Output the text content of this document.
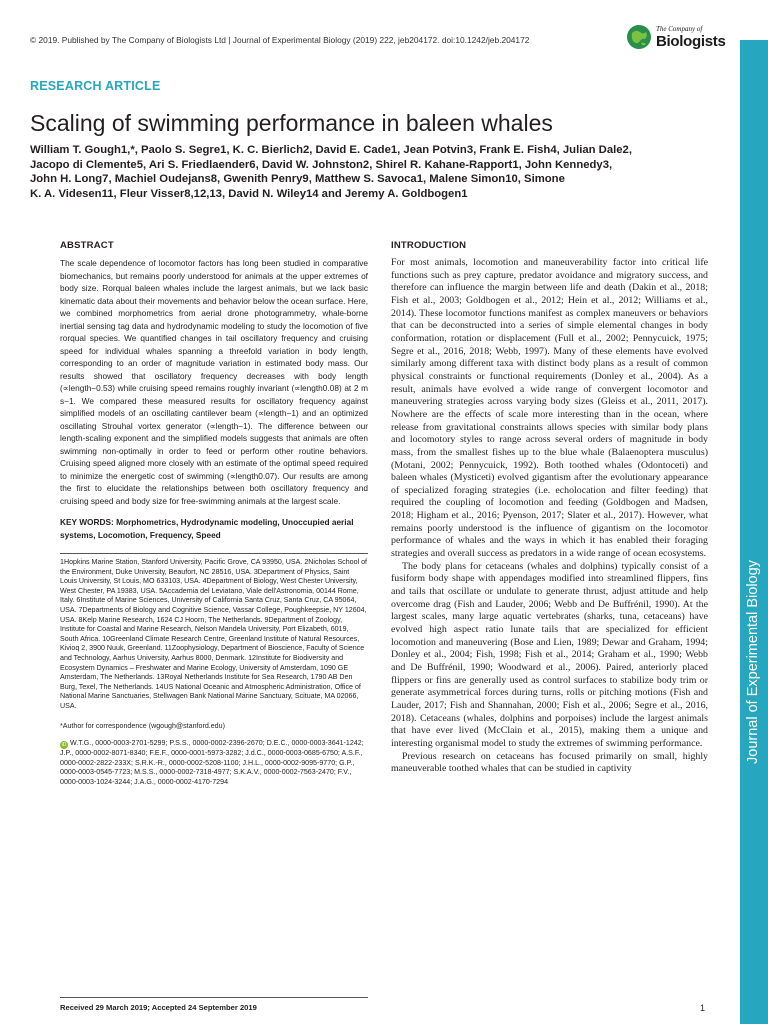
© 2019. Published by The Company of Biologists Ltd | Journal of Experimental Biology (2019) 222, jeb204172. doi:10.1242/jeb.204172
The Company of
Biologists
Journal of Experimental Biology
RESEARCH ARTICLE
Scaling of swimming performance in baleen whales
William T. Gough1,*, Paolo S. Segre1, K. C. Bierlich2, David E. Cade1, Jean Potvin3, Frank E. Fish4, Julian Dale2,
Jacopo di Clemente5, Ari S. Friedlaender6, David W. Johnston2, Shirel R. Kahane-Rapport1, John Kennedy3,
John H. Long7, Machiel Oudejans8, Gwenith Penry9, Matthew S. Savoca1, Malene Simon10, Simone
K. A. Videsen11, Fleur Visser8,12,13, David N. Wiley14 and Jeremy A. Goldbogen1
ABSTRACT

The scale dependence of locomotor factors has long been studied in comparative biomechanics, but remains poorly understood for animals at the upper extremes of body size. Rorqual baleen whales include the largest animals, but we lack basic kinematic data about their movements and behavior below the ocean surface. Here, we combined morphometrics from aerial drone photogrammetry, whale-borne inertial sensing tag data and hydrodynamic modeling to study the locomotion of five rorqual species. We quantified changes in tail oscillatory frequency and cruising speed for individual whales spanning a threefold variation in body length, corresponding to an order of magnitude variation in estimated body mass. Our results showed that oscillatory frequency decreases with body length (∝length−0.53) while cruising speed remains roughly invariant (∝length0.08) at 2 m s−1. We compared these measured results for oscillatory frequency against simplified models of an oscillating cantilever beam (∝length−1) and an optimized oscillating Strouhal vortex generator (∝length−1). The difference between our length-scaling exponent and the simplified models suggests that animals are often swimming non-optimally in order to feed or perform other routine behaviors. Cruising speed aligned more closely with an estimate of the optimal speed required to minimize the energetic cost of swimming (∝length0.07). Our results are among the first to elucidate the relationships between both oscillatory frequency and cruising speed and body size for free-swimming animals at the largest scale.

KEY WORDS: Morphometrics, Hydrodynamic modeling, Unoccupied aerial systems, Locomotion, Frequency, Speed

1Hopkins Marine Station, Stanford University, Pacific Grove, CA 93950, USA. 2Nicholas School of the Environment, Duke University, Beaufort, NC 28516, USA. 3Department of Physics, Saint Louis University, St Louis, MO 633103, USA. 4Department of Biology, West Chester University, West Chester, PA 19383, USA. 5Accademia del Leviatano, Viale dell'Astronomia, 00144 Rome, Italy. 6Institute of Marine Sciences, University of California Santa Cruz, Santa Cruz, CA 95064, USA. 7Departments of Biology and Cognitive Science, Vassar College, Poughkeepsie, NY 12604, USA. 8Kelp Marine Research, 1624 CJ Hoorn, The Netherlands. 9Department of Zoology, Institute for Coastal and Marine Research, Nelson Mandela University, Port Elizabeth, 6019, South Africa. 10Greenland Climate Research Centre, Greenland Institute of Natural Resources, Kivioq 2, 3900 Nuuk, Greenland. 11Zoophysiology, Department of Bioscience, Faculty of Science and Technology, Aarhus University, Aarhus 8000, Denmark. 12Institute for Biodiversity and Ecosystem Dynamics – Freshwater and Marine Ecology, University of Amsterdam, 1090 GE Amsterdam, The Netherlands. 13Royal Netherlands Institute for Sea Research, 1790 AB Den Burg, Texel, The Netherlands. 14US National Oceanic and Atmospheric Administration, Office of National Marine Sanctuaries, Stellwagen Bank National Marine Sanctuary, Scituate, MA 02066, USA.

*Author for correspondence (wgough@stanford.edu)
iD W.T.G., 0000-0003-2701-5299; P.S.S., 0000-0002-2396-2670; D.E.C., 0000-0003-3641-1242; J.P., 0000-0002-8071-8340; F.E.F., 0000-0001-5973-3282; J.d.C., 0000-0003-0685-6750; A.S.F., 0000-0002-2822-233X; S.R.K.-R., 0000-0002-5208-1100; J.H.L., 0000-0002-9095-9770; G.P., 0000-0003-0545-7723; M.S.S., 0000-0002-7318-4977; S.K.A.V., 0000-0002-7563-2470; F.V., 0000-0003-1024-3244; J.A.G., 0000-0002-4170-7294
Received 29 March 2019; Accepted 24 September 2019
INTRODUCTION

For most animals, locomotion and maneuverability factor into critical life functions such as prey capture, predator avoidance and migratory success, and therefore can influence the margin between life and death (Dakin et al., 2018; Fish et al., 2003; Goldbogen et al., 2012; Hein et al., 2012; Williams et al., 2014). These locomotor functions manifest as complex maneuvers or behaviors that can be deconstructed into a series of simple elemental changes in body conformation, rotation or displacement (Full et al., 2002; Pennycuick, 1975; Segre et al., 2016, 2018; Webb, 1997). Many of these elements have evolved similarly among different taxa with distinct body plans as a result of common physical constraints or functional requirements (Donley et al., 2004). As a result, animals have evolved a wide range of convergent locomotor and maneuvering strategies across varying body sizes (Gleiss et al., 2011, 2017). Nowhere are the effects of scale more interesting than in the ocean, where release from gravitational constraints allows species with similar body plans and locomotory styles to range across several orders of magnitude in body mass, from the smallest fishes up to the blue whale (Balaenoptera musculus) (Motani, 2002; Pennycuick, 1992). Both toothed whales (Odontoceti) and baleen whales (Mysticeti) evolved gigantism after the evolutionary appearance of specialized foraging strategies (i.e. echolocation and filter feeding) that required the coupling of locomotion and feeding (Goldbogen and Madsen, 2018; Higham et al., 2016; Pyenson, 2017; Slater et al., 2017). However, what remains poorly understood is the influence of gigantism on the locomotor performance of whales and the ways in which it has enabled their foraging strategies and overall success as predators in a wide range of ocean ecosystems.

The body plans for cetaceans (whales and dolphins) typically consist of a fusiform body shape with appendages modified into streamlined flippers, fins and tails that oscillate or undulate to generate thrust, adjust attitude and help overcome drag (Fish and Lauder, 2006; Webb and De Buffrénil, 1990). At the largest scales, many large aquatic vertebrates (sharks, tuna, cetaceans) have evolved high aspect ratio lunate tails that are specialized for efficient locomotion and maneuvering (Bose and Lien, 1989; Dewar and Graham, 1994; Donley et al., 2004; Fish, 1998; Fish et al., 2014; Graham et al., 1990; Webb and De Buffrénil, 1990; Woodward et al., 2006). Paired, anteriorly placed flippers or fins are generally used as control surfaces to stabilize body trim or generate asymmetrical forces during turns, rolls or pitching motions (Fish and Lauder, 2017; Fish and Shannahan, 2000; Fish et al., 2006; Segre et al., 2016, 2018). Cetaceans (whales, dolphins and porpoises) include the largest animals that have ever lived (McClain et al., 2015), making them a unique and interesting organismal model to study the extremes of swimming performance.

Previous research on cetaceans has focused primarily on small, highly maneuverable toothed whales that can be studied in captivity

1
